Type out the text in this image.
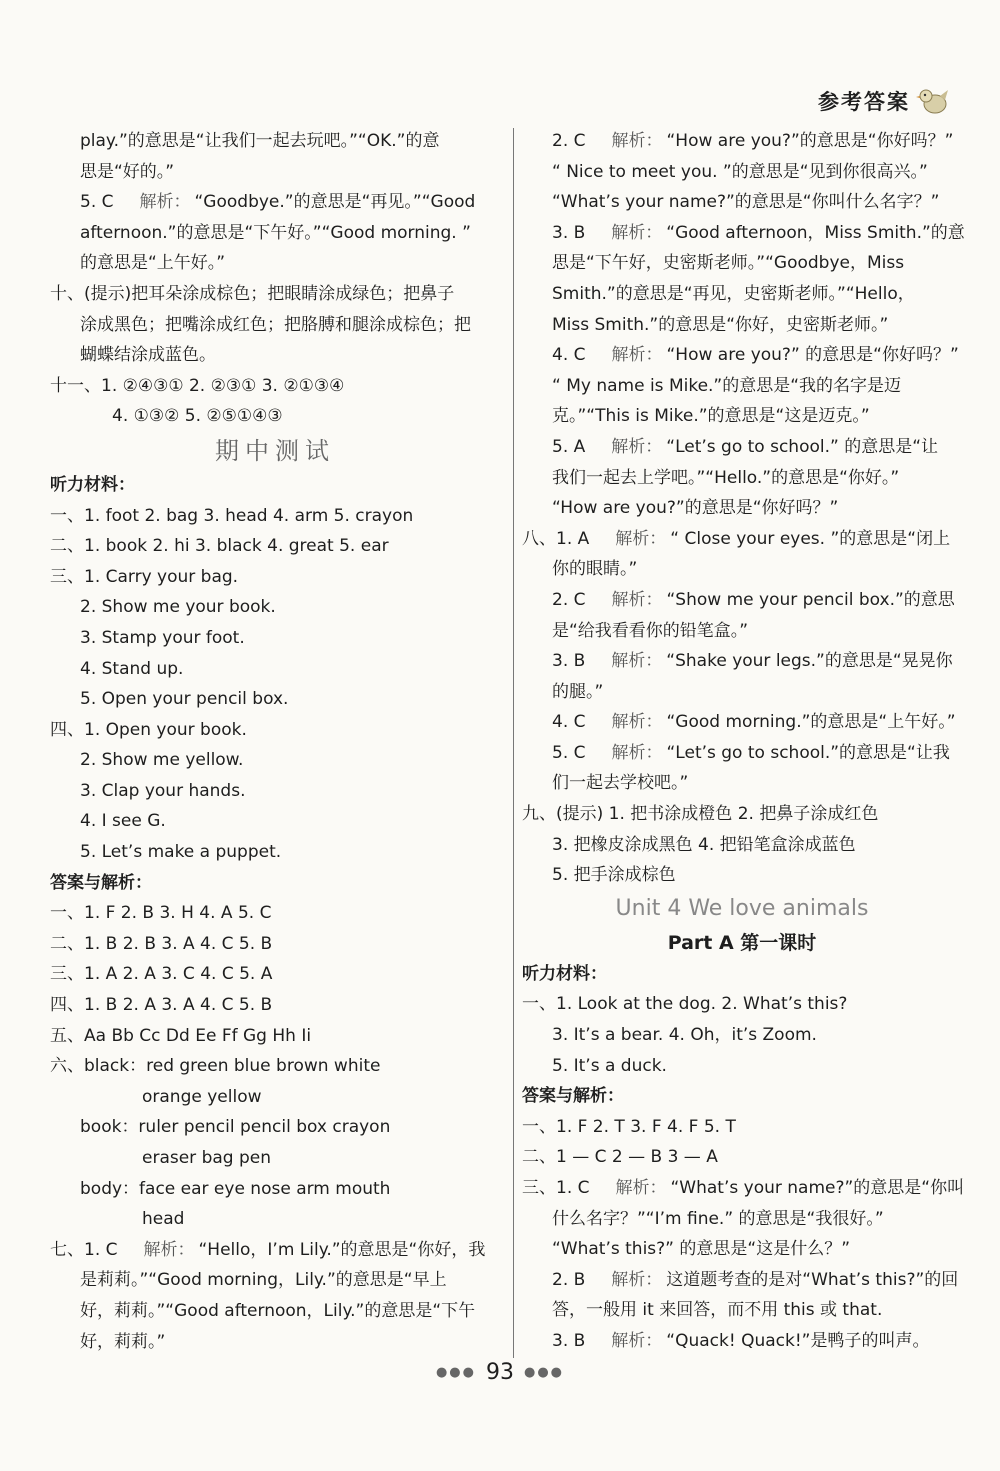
参考答案
play.”的意思是“让我们一起去玩吧。”“OK.”的意
思是“好的。”
5. C 解析： “Goodbye.”的意思是“再见。”“Good
afternoon.”的意思是“下午好。”“Good morning. ”
的意思是“上午好。”
十、(提示)把耳朵涂成棕色；把眼睛涂成绿色；把鼻子
涂成黑色；把嘴涂成红色；把胳膊和腿涂成棕色；把
蝴蝶结涂成蓝色。
十一、1. ②④③① 2. ②③① 3. ②①③④
4. ①③② 5. ②⑤①④③
期中测试
听力材料：
一、1. foot 2. bag 3. head 4. arm 5. crayon
二、1. book 2. hi 3. black 4. great 5. ear
三、1. Carry your bag.
2. Show me your book.
3. Stamp your foot.
4. Stand up.
5. Open your pencil box.
四、1. Open your book.
2. Show me yellow.
3. Clap your hands.
4. I see G.
5. Let’s make a puppet.
答案与解析：
一、1. F 2. B 3. H 4. A 5. C
二、1. B 2. B 3. A 4. C 5. B
三、1. A 2. A 3. C 4. C 5. A
四、1. B 2. A 3. A 4. C 5. B
五、Aa Bb Cc Dd Ee Ff Gg Hh Ii
六、black：red green blue brown white
orange yellow
book：ruler pencil pencil box crayon
eraser bag pen
body：face ear eye nose arm mouth
head
七、1. C 解析： “Hello，I’m Lily.”的意思是“你好，我
是莉莉。”“Good morning，Lily.”的意思是“早上
好，莉莉。”“Good afternoon，Lily.”的意思是“下午
好，莉莉。”
2. C 解析： “How are you?”的意思是“你好吗？”
“ Nice to meet you. ”的意思是“见到你很高兴。”
“What’s your name?”的意思是“你叫什么名字？”
3. B 解析： “Good afternoon，Miss Smith.”的意
思是“下午好，史密斯老师。”“Goodbye，Miss
Smith.”的意思是“再见，史密斯老师。”“Hello，
Miss Smith.”的意思是“你好，史密斯老师。”
4. C 解析： “How are you?” 的意思是“你好吗？”
“ My name is Mike.”的意思是“我的名字是迈
克。”“This is Mike.”的意思是“这是迈克。”
5. A 解析： “Let’s go to school.” 的意思是“让
我们一起去上学吧。”“Hello.”的意思是“你好。”
“How are you?”的意思是“你好吗？”
八、1. A 解析： “ Close your eyes. ”的意思是“闭上
你的眼睛。”
2. C 解析： “Show me your pencil box.”的意思
是“给我看看你的铅笔盒。”
3. B 解析： “Shake your legs.”的意思是“晃晃你
的腿。”
4. C 解析： “Good morning.”的意思是“上午好。”
5. C 解析： “Let’s go to school.”的意思是“让我
们一起去学校吧。”
九、(提示) 1. 把书涂成橙色 2. 把鼻子涂成红色
3. 把橡皮涂成黑色 4. 把铅笔盒涂成蓝色
5. 把手涂成棕色
Unit 4 We love animals
Part A 第一课时
听力材料：
一、1. Look at the dog. 2. What’s this?
3. It’s a bear. 4. Oh，it’s Zoom.
5. It’s a duck.
答案与解析：
一、1. F 2. T 3. F 4. F 5. T
二、1 — C 2 — B 3 — A
三、1. C 解析： “What’s your name?”的意思是“你叫
什么名字？”“I’m fine.” 的意思是“我很好。”
“What’s this?” 的意思是“这是什么？”
2. B 解析： 这道题考查的是对“What’s this?”的回
答，一般用 it 来回答，而不用 this 或 that.
3. B 解析： “Quack! Quack!”是鸭子的叫声。
●●● 93 ●●●
